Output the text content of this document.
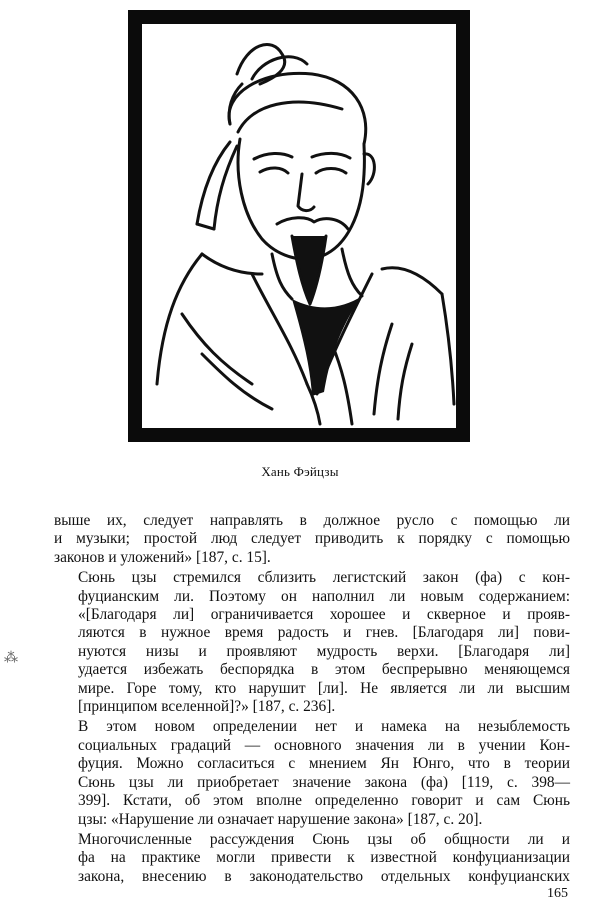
Хань Фэйцзы
⁂

выше их, следует направлять в должное русло с помощью ли
и музыки; простой люд следует приводить к порядку с помощью
законов и уложений» [187, с. 15].

Сюнь цзы стремился сблизить легистский закон (фа) с кон-
фуцианским ли. Поэтому он наполнил ли новым содержанием:
«[Благодаря ли] ограничивается хорошее и скверное и прояв-
ляются в нужное время радость и гнев. [Благодаря ли] пови-
нуются низы и проявляют мудрость верхи. [Благодаря ли]
удается избежать беспорядка в этом беспрерывно меняющемся
мире. Горе тому, кто нарушит [ли]. Не является ли ли высшим
[принципом вселенной]?» [187, с. 236].

В этом новом определении нет и намека на незыблемость
социальных градаций — основного значения ли в учении Кон-
фуция. Можно согласиться с мнением Ян Юнго, что в теории
Сюнь цзы ли приобретает значение закона (фа) [119, с. 398—
399]. Кстати, об этом вполне определенно говорит и сам Сюнь
цзы: «Нарушение ли означает нарушение закона» [187, с. 20].

Многочисленные рассуждения Сюнь цзы об общности ли и
фа на практике могли привести к известной конфуцианизации
закона, внесению в законодательство отдельных конфуцианских

165
